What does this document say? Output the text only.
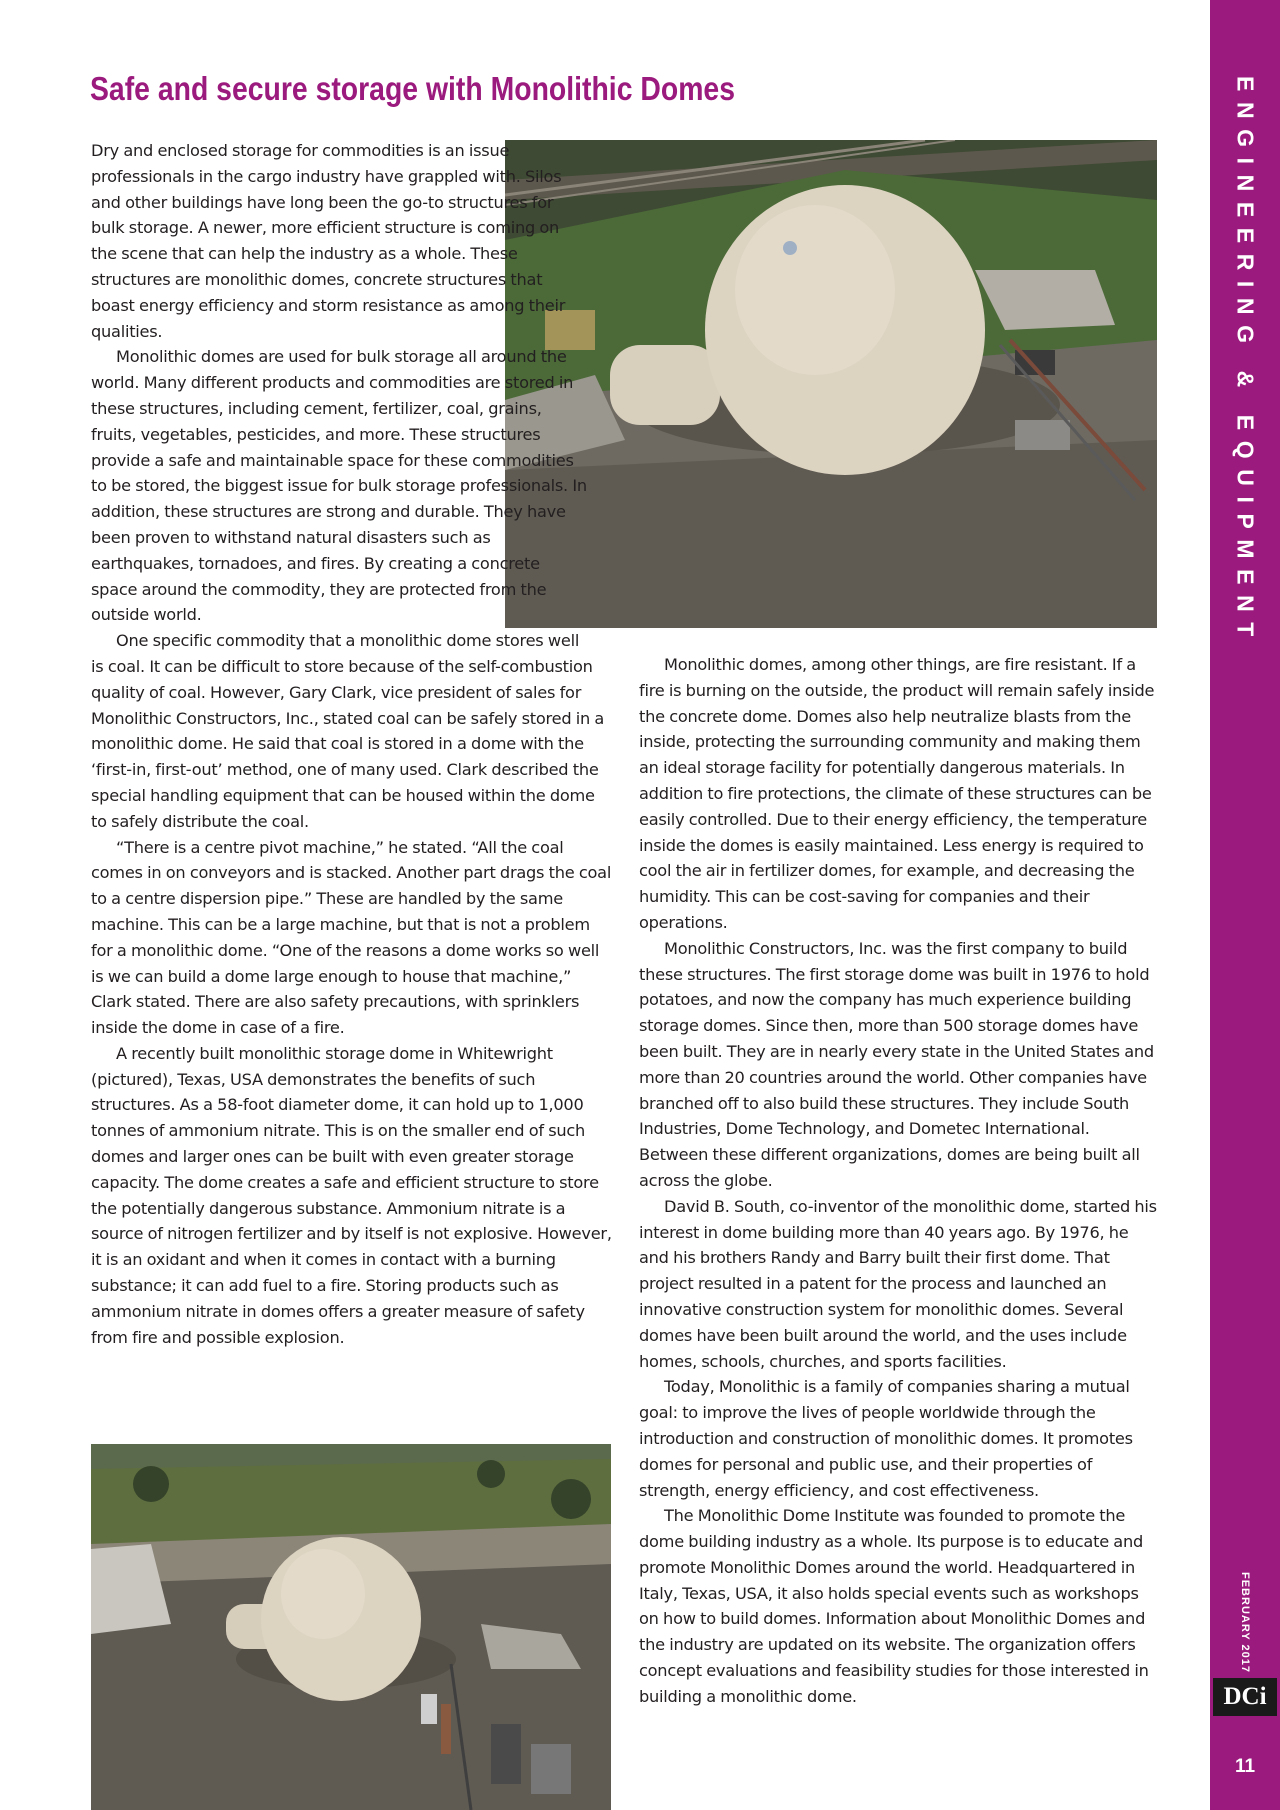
Safe and secure storage with Monolithic Domes

Dry and enclosed storage for commodities is an issue professionals in the cargo industry have grappled with. Silos and other buildings have long been the go-to structures for bulk storage. A newer, more efficient structure is coming on the scene that can help the industry as a whole. These structures are monolithic domes, concrete structures that boast energy efficiency and storm resistance as among their qualities.

Monolithic domes are used for bulk storage all around the world. Many different products and commodities are stored in these structures, including cement, fertilizer, coal, grains, fruits, vegetables, pesticides, and more. These structures provide a safe and maintainable space for these commodities to be stored, the biggest issue for bulk storage professionals. In addition, these structures are strong and durable. They have been proven to withstand natural disasters such as earthquakes, tornadoes, and fires. By creating a concrete space around the commodity, they are protected from the outside world.

One specific commodity that a monolithic dome stores well is coal. It can be difficult to store because of the self-combustion quality of coal. However, Gary Clark, vice president of sales for Monolithic Constructors, Inc., stated coal can be safely stored in a monolithic dome. He said that coal is stored in a dome with the ‘first-in, first-out’ method, one of many used. Clark described the special handling equipment that can be housed within the dome to safely distribute the coal.

“There is a centre pivot machine,” he stated. “All the coal comes in on conveyors and is stacked. Another part drags the coal to a centre dispersion pipe.” These are handled by the same machine. This can be a large machine, but that is not a problem for a monolithic dome. “One of the reasons a dome works so well is we can build a dome large enough to house that machine,” Clark stated. There are also safety precautions, with sprinklers inside the dome in case of a fire.

A recently built monolithic storage dome in Whitewright (pictured), Texas, USA demonstrates the benefits of such structures. As a 58-foot diameter dome, it can hold up to 1,000 tonnes of ammonium nitrate. This is on the smaller end of such domes and larger ones can be built with even greater storage capacity. The dome creates a safe and efficient structure to store the potentially dangerous substance. Ammonium nitrate is a source of nitrogen fertilizer and by itself is not explosive. However, it is an oxidant and when it comes in contact with a burning substance; it can add fuel to a fire. Storing products such as ammonium nitrate in domes offers a greater measure of safety from fire and possible explosion.

Monolithic domes, among other things, are fire resistant. If a fire is burning on the outside, the product will remain safely inside the concrete dome. Domes also help neutralize blasts from the inside, protecting the surrounding community and making them an ideal storage facility for potentially dangerous materials. In addition to fire protections, the climate of these structures can be easily controlled. Due to their energy efficiency, the temperature inside the domes is easily maintained. Less energy is required to cool the air in fertilizer domes, for example, and decreasing the humidity. This can be cost-saving for companies and their operations.

Monolithic Constructors, Inc. was the first company to build these structures. The first storage dome was built in 1976 to hold potatoes, and now the company has much experience building storage domes. Since then, more than 500 storage domes have been built. They are in nearly every state in the United States and more than 20 countries around the world. Other companies have branched off to also build these structures. They include South Industries, Dome Technology, and Dometec International. Between these different organizations, domes are being built all across the globe.

David B. South, co-inventor of the monolithic dome, started his interest in dome building more than 40 years ago. By 1976, he and his brothers Randy and Barry built their first dome. That project resulted in a patent for the process and launched an innovative construction system for monolithic domes. Several domes have been built around the world, and the uses include homes, schools, churches, and sports facilities.

Today, Monolithic is a family of companies sharing a mutual goal: to improve the lives of people worldwide through the introduction and construction of monolithic domes. It promotes domes for personal and public use, and their properties of strength, energy efficiency, and cost effectiveness.

The Monolithic Dome Institute was founded to promote the dome building industry as a whole. Its purpose is to educate and promote Monolithic Domes around the world. Headquartered in Italy, Texas, USA, it also holds special events such as workshops on how to build domes. Information about Monolithic Domes and the industry are updated on its website. The organization offers concept evaluations and feasibility studies for those interested in building a monolithic dome.

ENGINEERING & EQUIPMENT
FEBRUARY 2017
DCi
11
